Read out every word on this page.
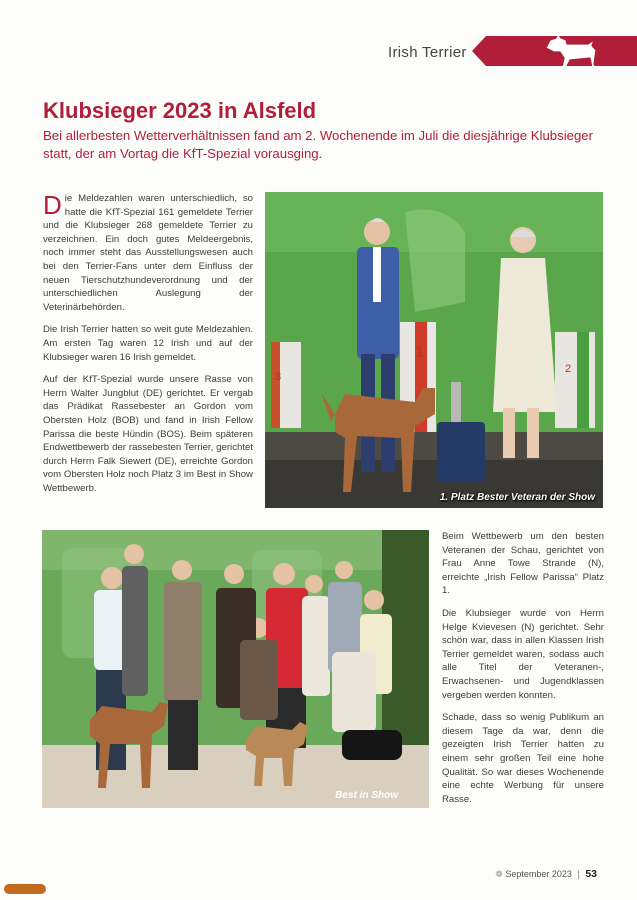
Irish Terrier
Klubsieger 2023 in Alsfeld
Bei allerbesten Wetterverhältnissen fand am 2. Wochenende im Juli die diesjährige Klubsieger statt, der am Vortag die KfT-Spezial vorausging.

Die Meldezahlen waren unterschiedlich, so hatte die KfT-Spezial 161 gemeldete Terrier und die Klubsieger 268 gemeldete Terrier zu verzeichnen. Ein doch gutes Meldeergebnis, noch immer steht das Ausstellungswesen auch bei den Terrier-Fans unter dem Einfluss der neuen Tierschutzhundeverordnung und der unterschiedlichen Auslegung der Veterinärbehörden.

Die Irish Terrier hatten so weit gute Meldezahlen. Am ersten Tag waren 12 Irish und auf der Klubsieger waren 16 Irish gemeldet.

Auf der KfT-Spezial wurde unsere Rasse von Herrn Walter Jungblut (DE) gerichtet. Er vergab das Prädikat Rassebester an Gordon vom Obersten Holz (BOB) und fand in Irish Fellow Parissa die beste Hündin (BOS). Beim späteren Endwettbewerb der rassebesten Terrier, gerichtet durch Herrn Falk Siewert (DE), erreichte Gordon vom Obersten Holz noch Platz 3 im Best in Show Wettbewerb.

3
1
2
1. Platz Bester Veteran der Show
Best in Show

Beim Wettbewerb um den besten Veteranen der Schau, gerichtet von Frau Anne Towe Strande (N), erreichte „Irish Fellow Parissa“ Platz 1.

Die Klubsieger wurde von Herrn Helge Kvievesen (N) gerichtet. Sehr schön war, dass in allen Klassen Irish Terrier gemeldet waren, sodass auch alle Titel der Veteranen-, Erwachsenen- und Jugendklassen vergeben werden konnten.

Schade, dass so wenig Publikum an diesem Tage da war, denn die gezeigten Irish Terrier hatten zu einem sehr großen Teil eine hohe Qualität. So war dieses Wochenende eine echte Werbung für unsere Rasse.

❁ September 2023 | 53
